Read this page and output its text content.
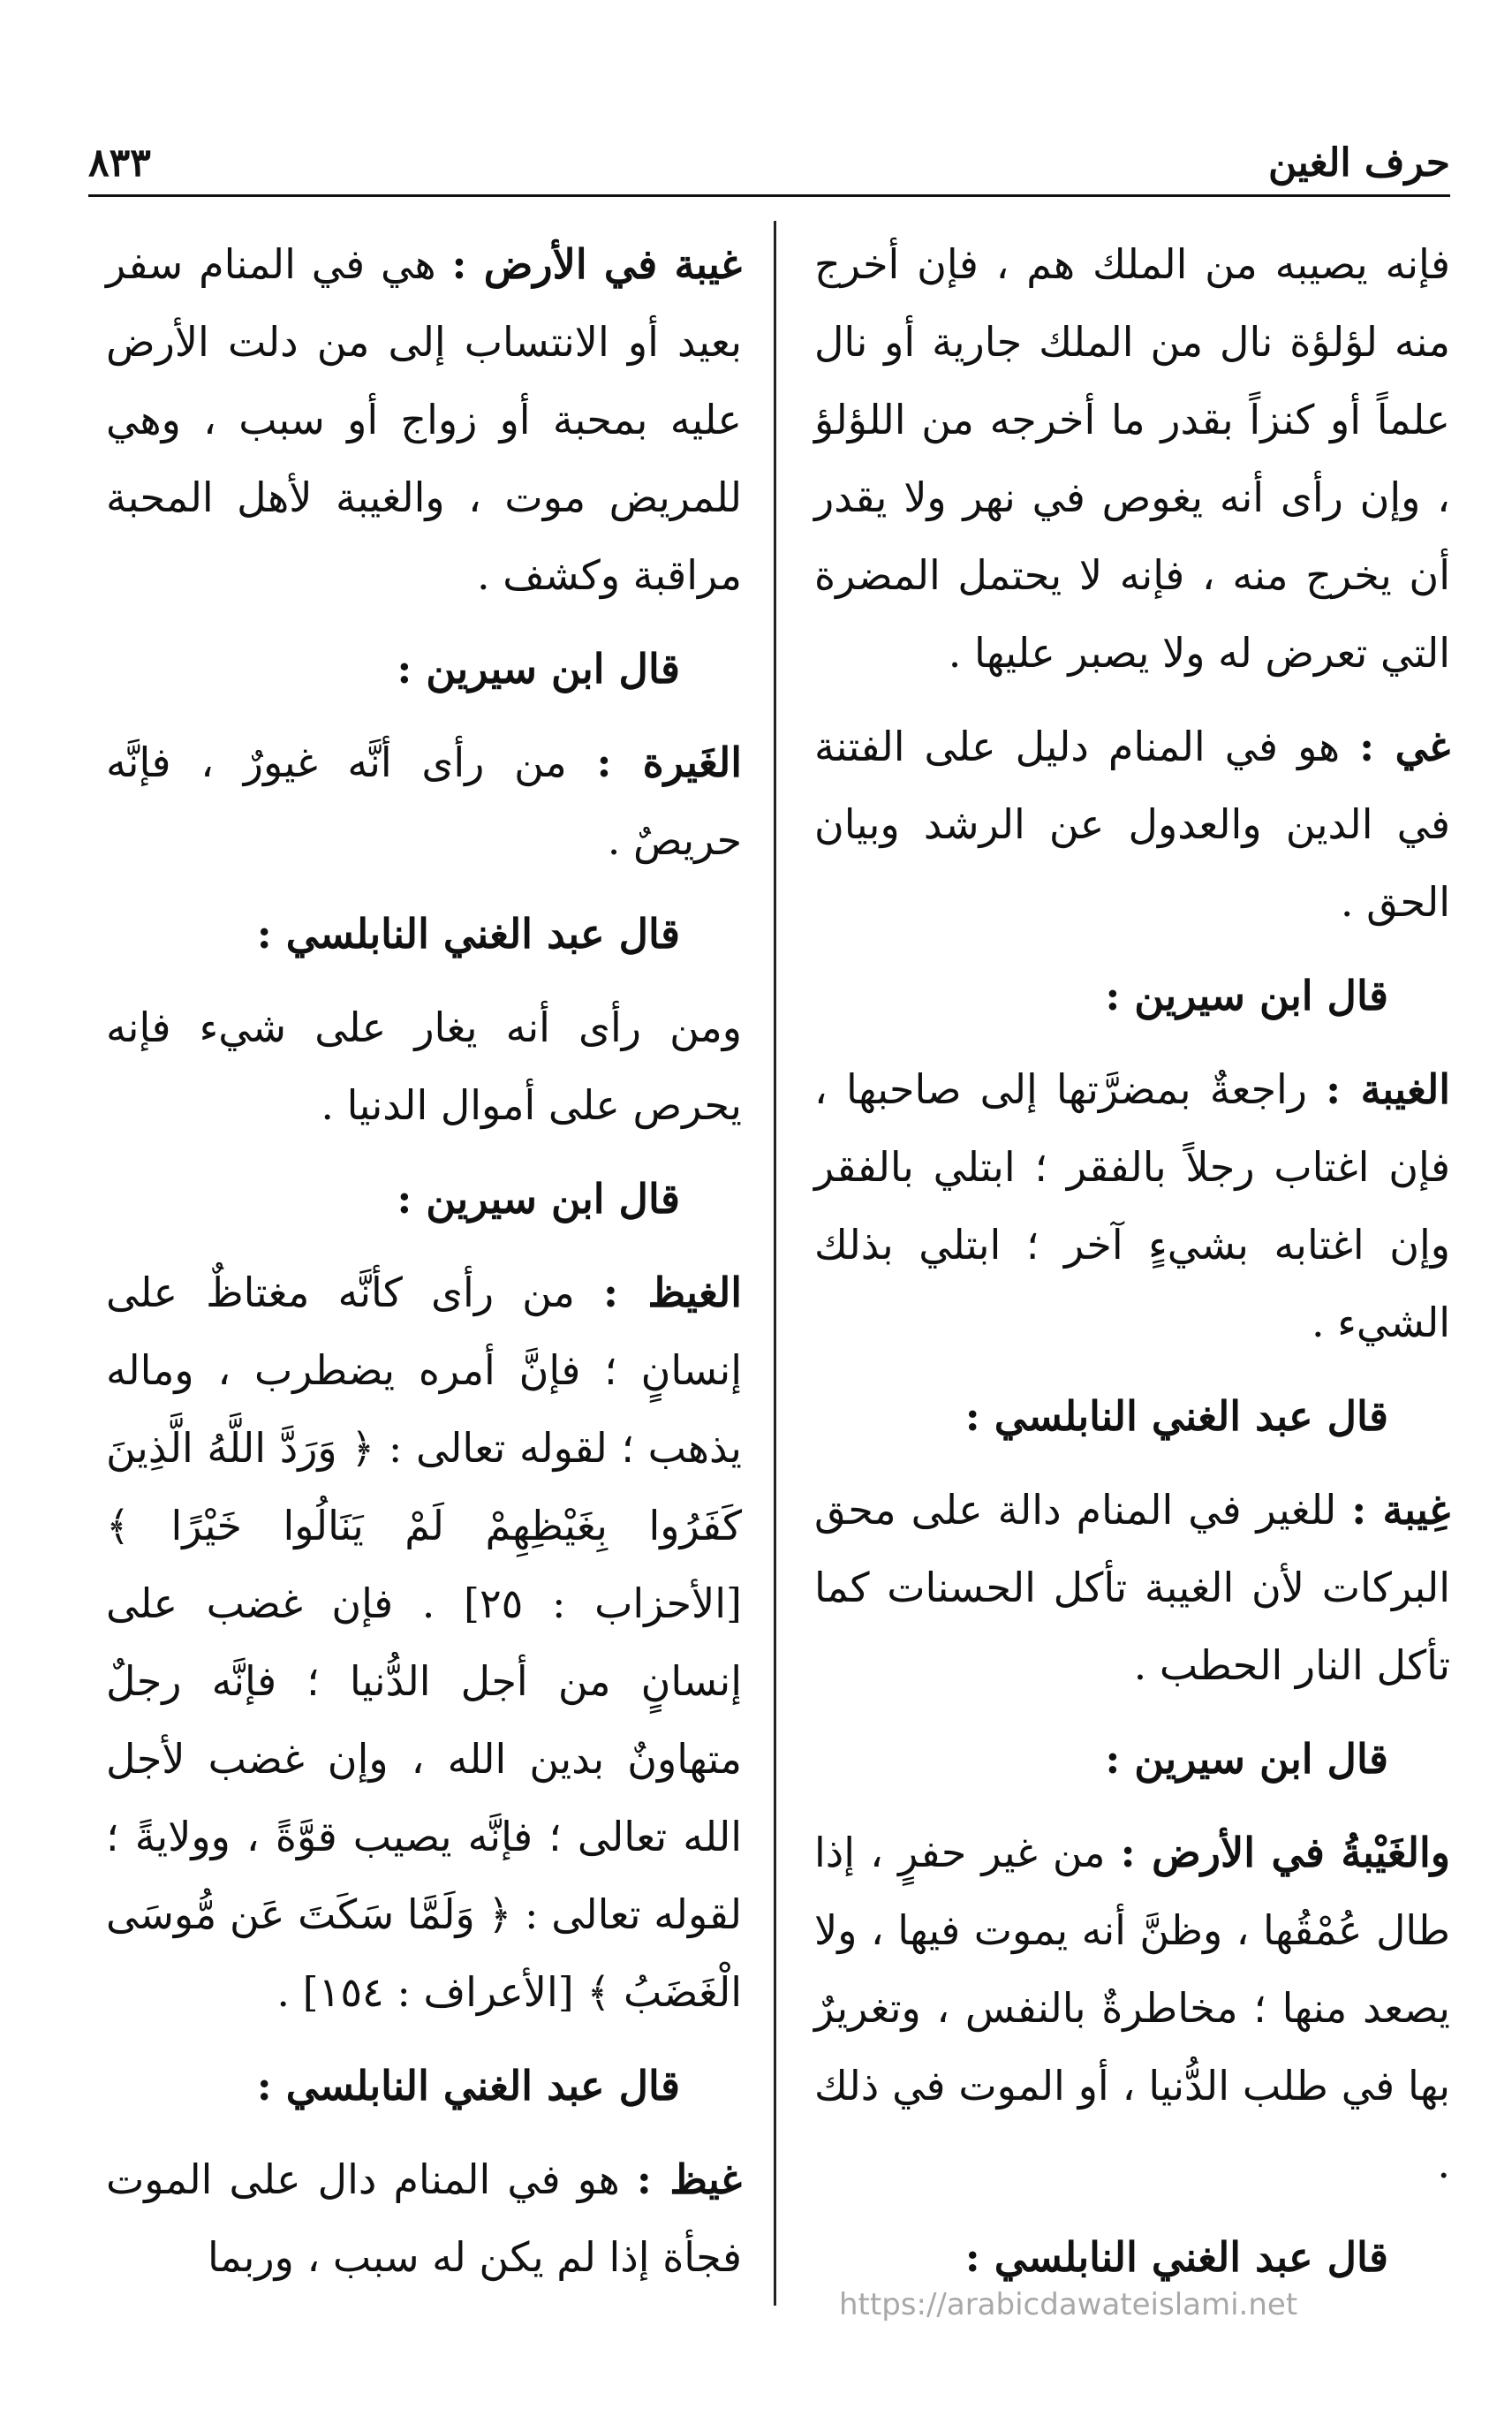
حرف الغين
٨٣٣

فإنه يصيبه من الملك هم ، فإن أخرج منه لؤلؤة نال من الملك جارية أو نال علماً أو كنزاً بقدر ما أخرجه من اللؤلؤ ، وإن رأى أنه يغوص في نهر ولا يقدر أن يخرج منه ، فإنه لا يحتمل المضرة التي تعرض له ولا يصبر عليها .

غي : هو في المنام دليل على الفتنة في الدين والعدول عن الرشد وبيان الحق .

قال ابن سيرين :

الغيبة : راجعةٌ بمضرَّتها إلى صاحبها ، فإن اغتاب رجلاً بالفقر ؛ ابتلي بالفقر وإن اغتابه بشيءٍ آخر ؛ ابتلي بذلك الشيء .

قال عبد الغني النابلسي :

غِيبة : للغير في المنام دالة على محق البركات لأن الغيبة تأكل الحسنات كما تأكل النار الحطب .

قال ابن سيرين :

والغَيْبةُ في الأرض : من غير حفرٍ ، إذا طال عُمْقُها ، وظنَّ أنه يموت فيها ، ولا يصعد منها ؛ مخاطرةٌ بالنفس ، وتغريرٌ بها في طلب الدُّنيا ، أو الموت في ذلك .

قال عبد الغني النابلسي :

غيبة في الأرض : هي في المنام سفر بعيد أو الانتساب إلى من دلت الأرض عليه بمحبة أو زواج أو سبب ، وهي للمريض موت ، والغيبة لأهل المحبة مراقبة وكشف .

قال ابن سيرين :

الغَيرة : من رأى أنَّه غيورٌ ، فإنَّه حريصٌ .

قال عبد الغني النابلسي :

ومن رأى أنه يغار على شيء فإنه يحرص على أموال الدنيا .

قال ابن سيرين :

الغيظ : من رأى كأنَّه مغتاظٌ على إنسانٍ ؛ فإنَّ أمره يضطرب ، وماله يذهب ؛ لقوله تعالى : ﴿ وَرَدَّ اللَّهُ الَّذِينَ كَفَرُوا بِغَيْظِهِمْ لَمْ يَنَالُوا خَيْرًا ﴾ [الأحزاب : ٢٥] . فإن غضب على إنسانٍ من أجل الدُّنيا ؛ فإنَّه رجلٌ متهاونٌ بدين الله ، وإن غضب لأجل الله تعالى ؛ فإنَّه يصيب قوَّةً ، وولايةً ؛ لقوله تعالى : ﴿ وَلَمَّا سَكَتَ عَن مُّوسَى الْغَضَبُ ﴾ [الأعراف : ١٥٤] .

قال عبد الغني النابلسي :

غيظ : هو في المنام دال على الموت فجأة إذا لم يكن له سبب ، وربما

https://arabicdawateislami.net
